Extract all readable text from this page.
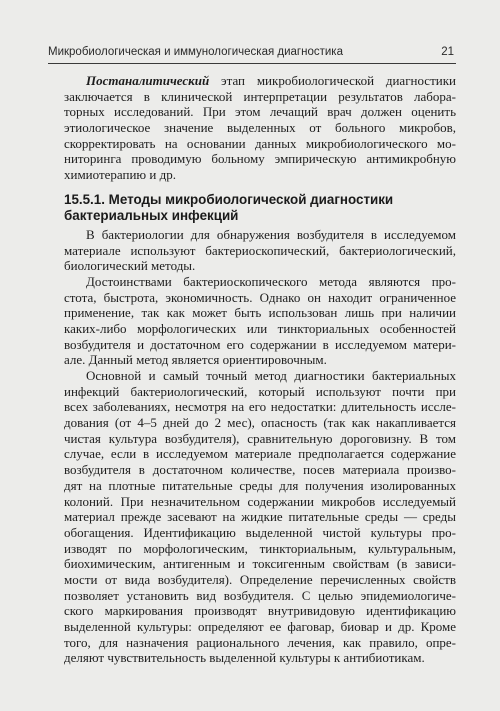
Микробиологическая и иммунологическая диагностика	21
Постаналитический этап микробиологической диагностики
заключается в клинической интерпретации результатов лабора-
торных исследований. При этом лечащий врач должен оценить
этиологическое значение выделенных от больного микробов,
скорректировать на основании данных микробиологического мо-
ниторинга проводимую больному эмпирическую антимикробную
химиотерапию и др.
15.5.1. Методы микробиологической диагностики
бактериальных инфекций
В бактериологии для обнаружения возбудителя в исследуемом
материале используют бактериоскопический, бактериологический,
биологический методы.
Достоинствами бактериоскопического метода являются про-
стота, быстрота, экономичность. Однако он находит ограниченное
применение, так как может быть использован лишь при наличии
каких-либо морфологических или тинкториальных особенностей
возбудителя и достаточном его содержании в исследуемом матери-
але. Данный метод является ориентировочным.
Основной и самый точный метод диагностики бактериальных
инфекций бактериологический, который используют почти при
всех заболеваниях, несмотря на его недостатки: длительность иссле-
дования (от 4–5 дней до 2 мес), опасность (так как накапливается
чистая культура возбудителя), сравнительную дороговизну. В том
случае, если в исследуемом материале предполагается содержание
возбудителя в достаточном количестве, посев материала произво-
дят на плотные питательные среды для получения изолированных
колоний. При незначительном содержании микробов исследуемый
материал прежде засевают на жидкие питательные среды — среды
обогащения. Идентификацию выделенной чистой культуры про-
изводят по морфологическим, тинкториальным, культуральным,
биохимическим, антигенным и токсигенным свойствам (в зависи-
мости от вида возбудителя). Определение перечисленных свойств
позволяет установить вид возбудителя. С целью эпидемиологиче-
ского маркирования производят внутривидовую идентификацию
выделенной культуры: определяют ее фаговар, биовар и др. Кроме
того, для назначения рационального лечения, как правило, опре-
деляют чувствительность выделенной культуры к антибиотикам.
